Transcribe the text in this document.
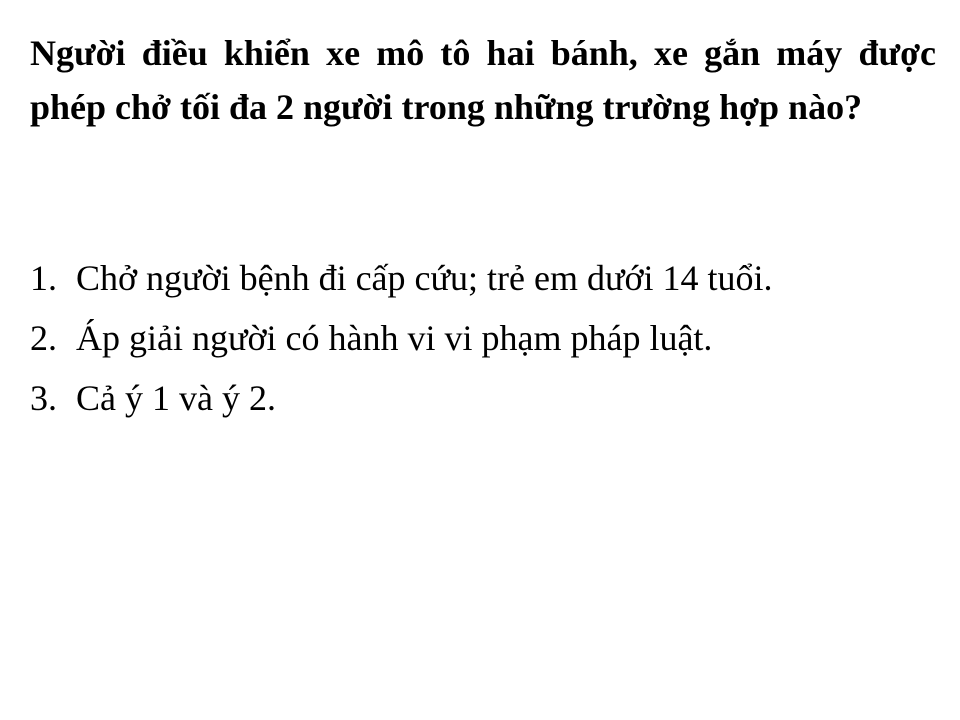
Người điều khiển xe mô tô hai bánh, xe gắn máy được phép chở tối đa 2 người trong những trường hợp nào?

1. Chở người bệnh đi cấp cứu; trẻ em dưới 14 tuổi.
2. Áp giải người có hành vi vi phạm pháp luật.
3. Cả ý 1 và ý 2.
